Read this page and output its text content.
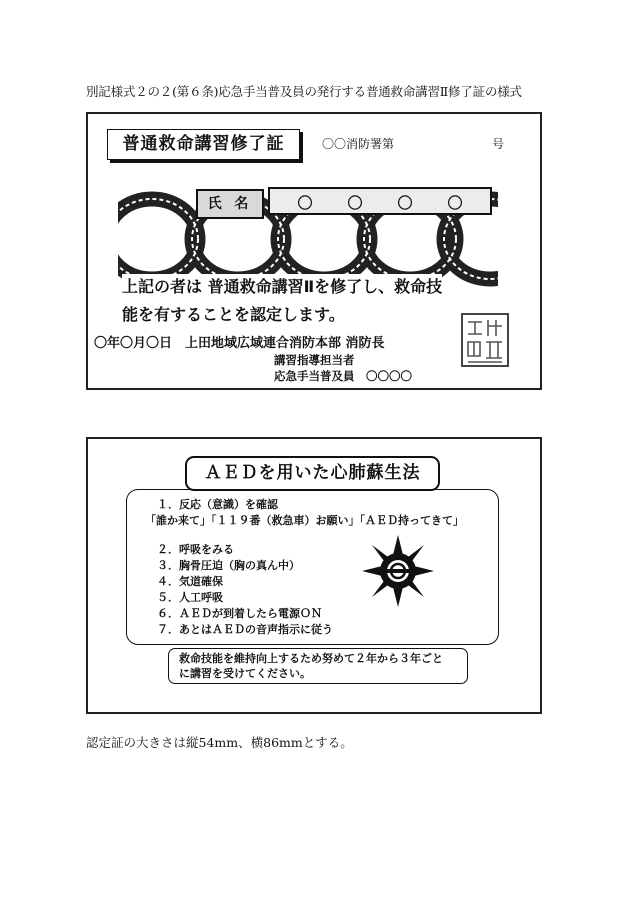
別記様式２の２(第６条)応急手当普及員の発行する普通救命講習Ⅱ修了証の様式
普通救命講習修了証	〇〇消防署第	号
氏 名	〇 〇 〇 〇
上記の者は 普通救命講習Ⅱを修了し、救命技
能を有することを認定します。
〇年〇月〇日　上田地域広域連合消防本部 消防長
講習指導担当者
応急手当普及員　〇〇〇〇
ＡＥＤを用いた心肺蘇生法
１．反応（意識）を確認
「誰か来て」「１１９番（救急車）お願い」「ＡＥＤ持ってきて」
２．呼吸をみる
３．胸骨圧迫（胸の真ん中）
４．気道確保
５．人工呼吸
６．ＡＥＤが到着したら電源ＯＮ
７．あとはＡＥＤの音声指示に従う
救命技能を維持向上するため努めて２年から３年ごと
に講習を受けてください。
認定証の大きさは縦54mm、横86mmとする。
